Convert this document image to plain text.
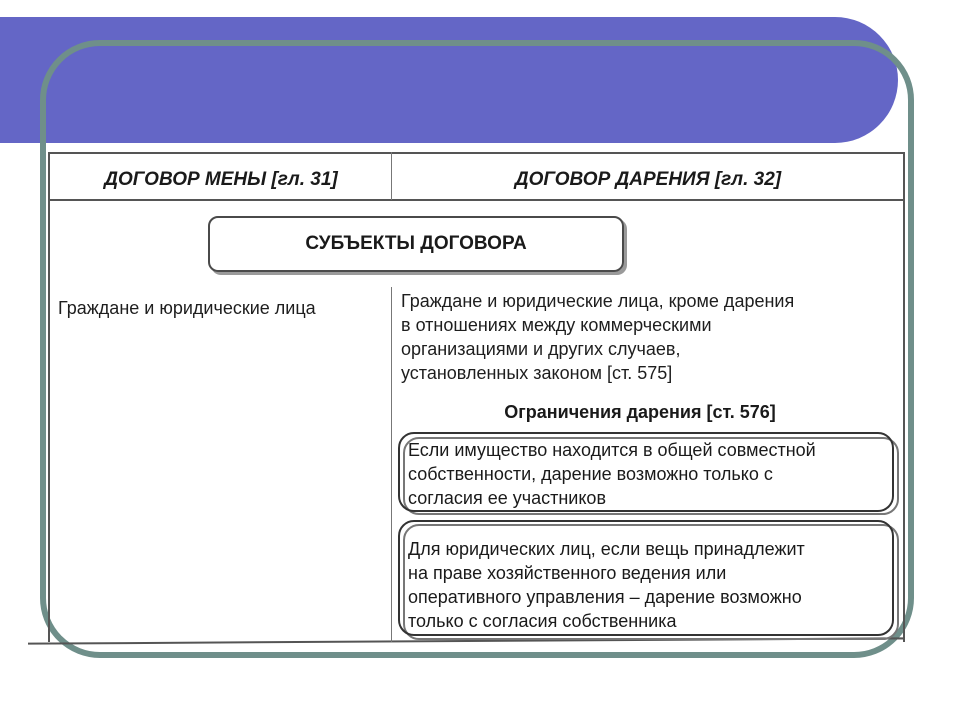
ДОГОВОР МЕНЫ [гл. 31]	ДОГОВОР ДАРЕНИЯ [гл. 32]
СУБЪЕКТЫ ДОГОВОРА
Граждане и юридические лица	Граждане и юридические лица, кроме дарения
в отношениях между коммерческими
организациями и других случаев,
установленных законом [ст. 575]
Ограничения дарения [ст. 576]
Если имущество находится в общей совместной
собственности, дарение возможно только с
согласия ее участников
Для юридических лиц, если вещь принадлежит
на праве хозяйственного ведения или
оперативного управления – дарение возможно
только с согласия собственника
